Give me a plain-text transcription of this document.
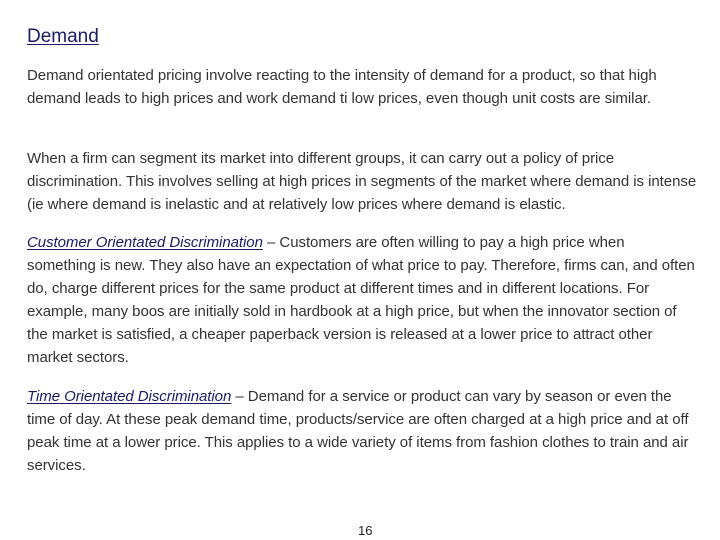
Demand

Demand orientated pricing involve reacting to the intensity of demand for a product, so that high demand leads to high prices and work demand ti low prices, even though unit costs are similar.

When a firm can segment its market into different groups, it can carry out a policy of price discrimination. This involves selling at high prices in segments of the market where demand is intense (ie where demand is inelastic and at relatively low prices where demand is elastic.

Customer Orientated Discrimination – Customers are often willing to pay a high price when something is new. They also have an expectation of what price to pay. Therefore, firms can, and often do, charge different prices for the same product at different times and in different locations. For example, many boos are initially sold in hardbook at a high price, but when the innovator section of the market is satisfied, a cheaper paperback version is released at a lower price to attract other market sectors.

Time Orientated Discrimination – Demand for a service or product can vary by season or even the time of day. At these peak demand time, products/service are often charged at a high price and at off peak time at a lower price. This applies to a wide variety of items from fashion clothes to train and air services.

16
